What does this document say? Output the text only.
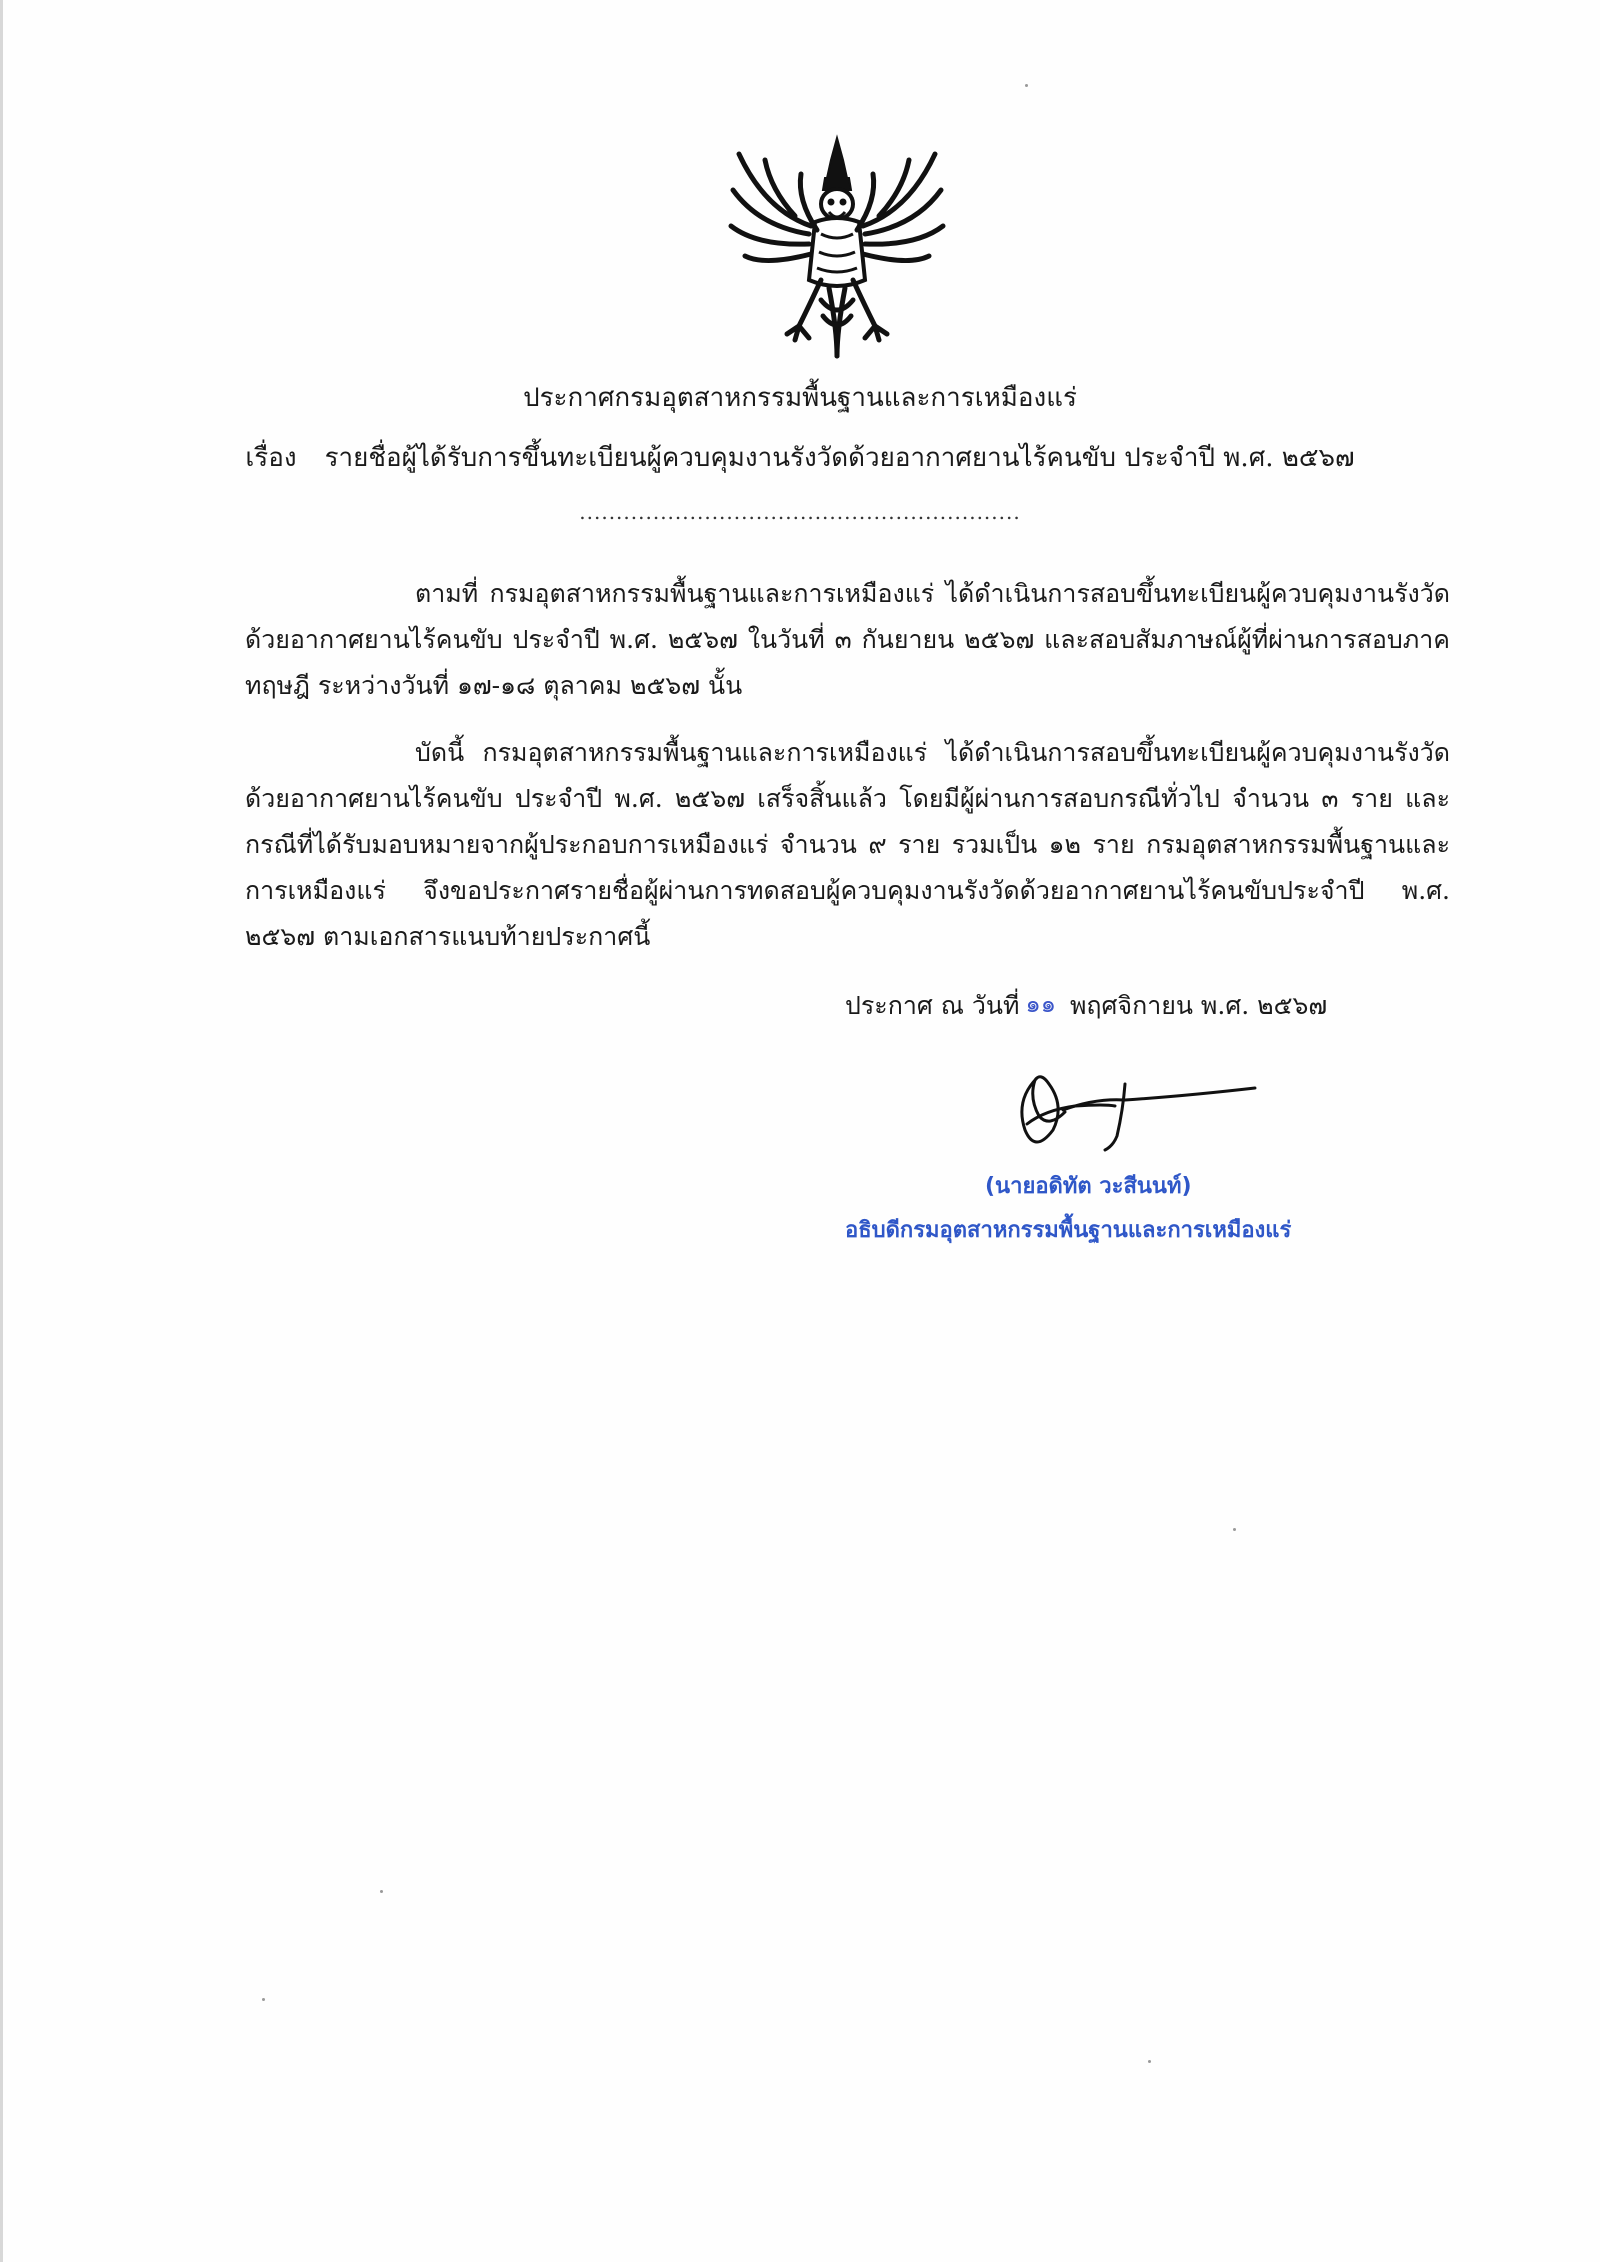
ประกาศกรมอุตสาหกรรมพื้นฐานและการเหมืองแร่
เรื่อง รายชื่อผู้ได้รับการขึ้นทะเบียนผู้ควบคุมงานรังวัดด้วยอากาศยานไร้คนขับ ประจำปี พ.ศ. ๒๕๖๗
............................................................

ตามที่ กรมอุตสาหกรรมพื้นฐานและการเหมืองแร่ ได้ดำเนินการสอบขึ้นทะเบียนผู้ควบคุมงานรังวัดด้วยอากาศยานไร้คนขับ ประจำปี พ.ศ. ๒๕๖๗ ในวันที่ ๓ กันยายน ๒๕๖๗ และสอบสัมภาษณ์ผู้ที่ผ่านการสอบภาคทฤษฎี ระหว่างวันที่ ๑๗-๑๘ ตุลาคม ๒๕๖๗ นั้น

บัดนี้ กรมอุตสาหกรรมพื้นฐานและการเหมืองแร่ ได้ดำเนินการสอบขึ้นทะเบียนผู้ควบคุมงานรังวัดด้วยอากาศยานไร้คนขับ ประจำปี พ.ศ. ๒๕๖๗ เสร็จสิ้นแล้ว โดยมีผู้ผ่านการสอบกรณีทั่วไป จำนวน ๓ ราย และกรณีที่ได้รับมอบหมายจากผู้ประกอบการเหมืองแร่ จำนวน ๙ ราย รวมเป็น ๑๒ ราย กรมอุตสาหกรรมพื้นฐานและการเหมืองแร่ จึงขอประกาศรายชื่อผู้ผ่านการทดสอบผู้ควบคุมงานรังวัดด้วยอากาศยานไร้คนขับประจำปี พ.ศ. ๒๕๖๗ ตามเอกสารแนบท้ายประกาศนี้

ประกาศ ณ วันที่ ๑๑ พฤศจิกายน พ.ศ. ๒๕๖๗
(นายอดิทัต วะสีนนท์)
อธิบดีกรมอุตสาหกรรมพื้นฐานและการเหมืองแร่
